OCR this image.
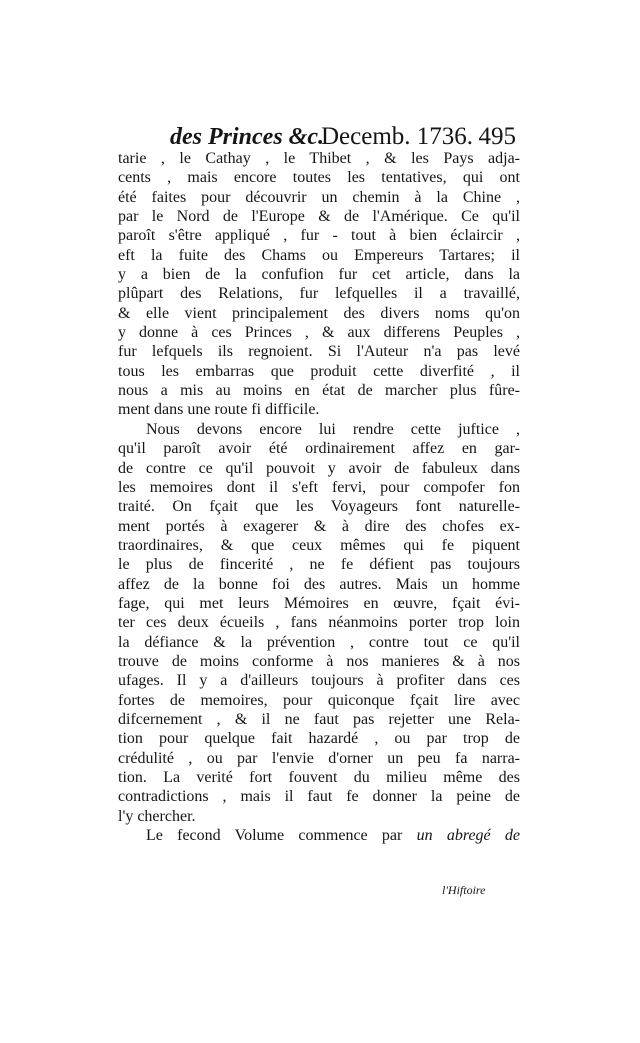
des Princes &c.
Decemb. 1736. 495
tarie , le Cathay , le Thibet , & les Pays adja-
cents , mais encore toutes les tentatives, qui ont
été faites pour découvrir un chemin à la Chine ,
par le Nord de l'Europe & de l'Amérique. Ce qu'il
paroît s'être appliqué , fur - tout à bien éclaircir ,
eft la fuite des Chams ou Empereurs Tartares; il
y a bien de la confufion fur cet article, dans la
plûpart des Relations, fur lefquelles il a travaillé,
& elle vient principalement des divers noms qu'on
y donne à ces Princes , & aux differens Peuples ,
fur lefquels ils regnoient. Si l'Auteur n'a pas levé
tous les embarras que produit cette diverfité , il
nous a mis au moins en état de marcher plus fûre-
ment dans une route fi difficile.
Nous devons encore lui rendre cette juftice ,
qu'il paroît avoir été ordinairement affez en gar-
de contre ce qu'il pouvoit y avoir de fabuleux dans
les memoires dont il s'eft fervi, pour compofer fon
traité. On fçait que les Voyageurs font naturelle-
ment portés à exagerer & à dire des chofes ex-
traordinaires, & que ceux mêmes qui fe piquent
le plus de fincerité , ne fe défient pas toujours
affez de la bonne foi des autres. Mais un homme
fage, qui met leurs Mémoires en œuvre, fçait évi-
ter ces deux écueils , fans néanmoins porter trop loin
la défiance & la prévention , contre tout ce qu'il
trouve de moins conforme à nos manieres & à nos
ufages. Il y a d'ailleurs toujours à profiter dans ces
fortes de memoires, pour quiconque fçait lire avec
difcernement , & il ne faut pas rejetter une Rela-
tion pour quelque fait hazardé , ou par trop de
crédulité , ou par l'envie d'orner un peu fa narra-
tion. La verité fort fouvent du milieu même des
contradictions , mais il faut fe donner la peine de
l'y chercher.
Le fecond Volume commence par un abregé de
l'Hiftoire
